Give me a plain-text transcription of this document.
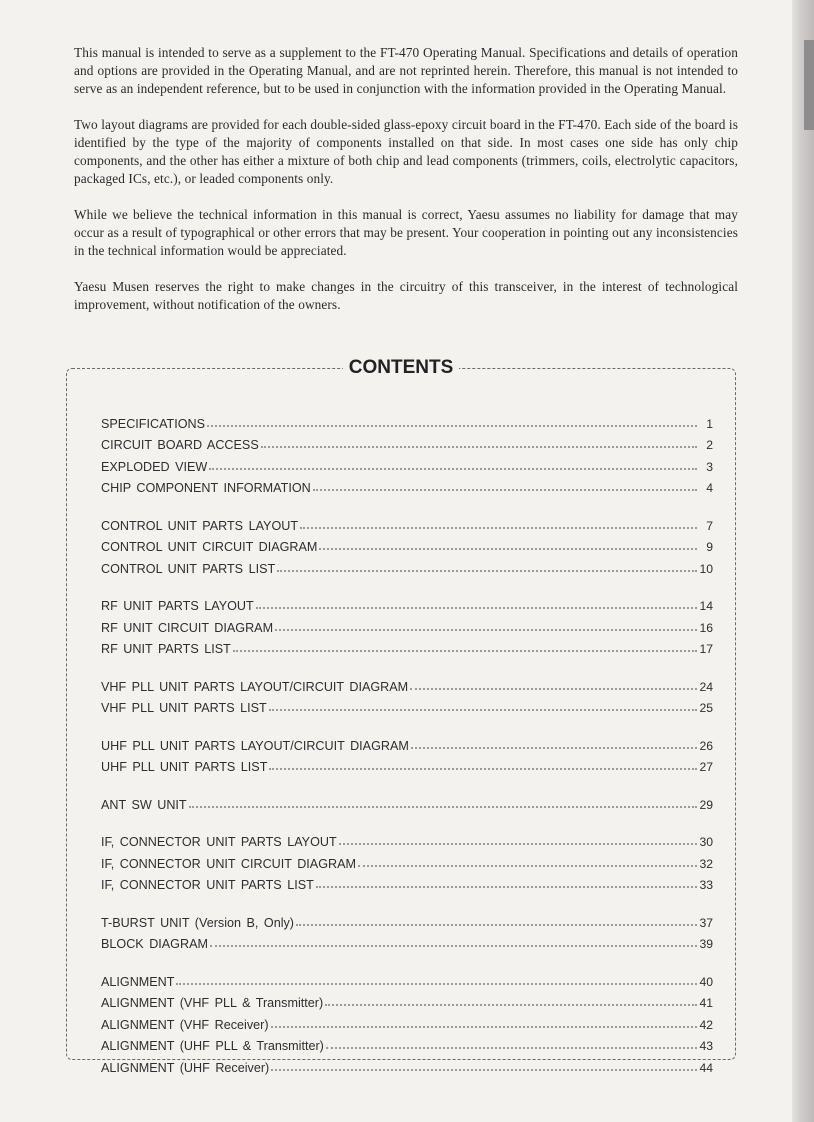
This manual is intended to serve as a supplement to the FT-470 Operating Manual. Specifications and details of operation and options are provided in the Operating Manual, and are not reprinted herein. Therefore, this manual is not intended to serve as an independent reference, but to be used in conjunction with the information provided in the Operating Manual.

Two layout diagrams are provided for each double-sided glass-epoxy circuit board in the FT-470. Each side of the board is identified by the type of the majority of components installed on that side. In most cases one side has only chip components, and the other has either a mixture of both chip and lead components (trimmers, coils, electrolytic capacitors, packaged ICs, etc.), or leaded components only.

While we believe the technical information in this manual is correct, Yaesu assumes no liability for damage that may occur as a result of typographical or other errors that may be present. Your cooperation in pointing out any inconsistencies in the technical information would be appreciated.

Yaesu Musen reserves the right to make changes in the circuitry of this transceiver, in the interest of technological improvement, without notification of the owners.

CONTENTS
SPECIFICATIONS	1
CIRCUIT BOARD ACCESS	2
EXPLODED VIEW	3
CHIP COMPONENT INFORMATION	4
CONTROL UNIT PARTS LAYOUT	7
CONTROL UNIT CIRCUIT DIAGRAM	9
CONTROL UNIT PARTS LIST	10
RF UNIT PARTS LAYOUT	14
RF UNIT CIRCUIT DIAGRAM	16
RF UNIT PARTS LIST	17
VHF PLL UNIT PARTS LAYOUT/CIRCUIT DIAGRAM	24
VHF PLL UNIT PARTS LIST	25
UHF PLL UNIT PARTS LAYOUT/CIRCUIT DIAGRAM	26
UHF PLL UNIT PARTS LIST	27
ANT SW UNIT	29
IF, CONNECTOR UNIT PARTS LAYOUT	30
IF, CONNECTOR UNIT CIRCUIT DIAGRAM	32
IF, CONNECTOR UNIT PARTS LIST	33
T-BURST UNIT (Version B, Only)	37
BLOCK DIAGRAM	39
ALIGNMENT	40
ALIGNMENT (VHF PLL & Transmitter)	41
ALIGNMENT (VHF Receiver)	42
ALIGNMENT (UHF PLL & Transmitter)	43
ALIGNMENT (UHF Receiver)	44
